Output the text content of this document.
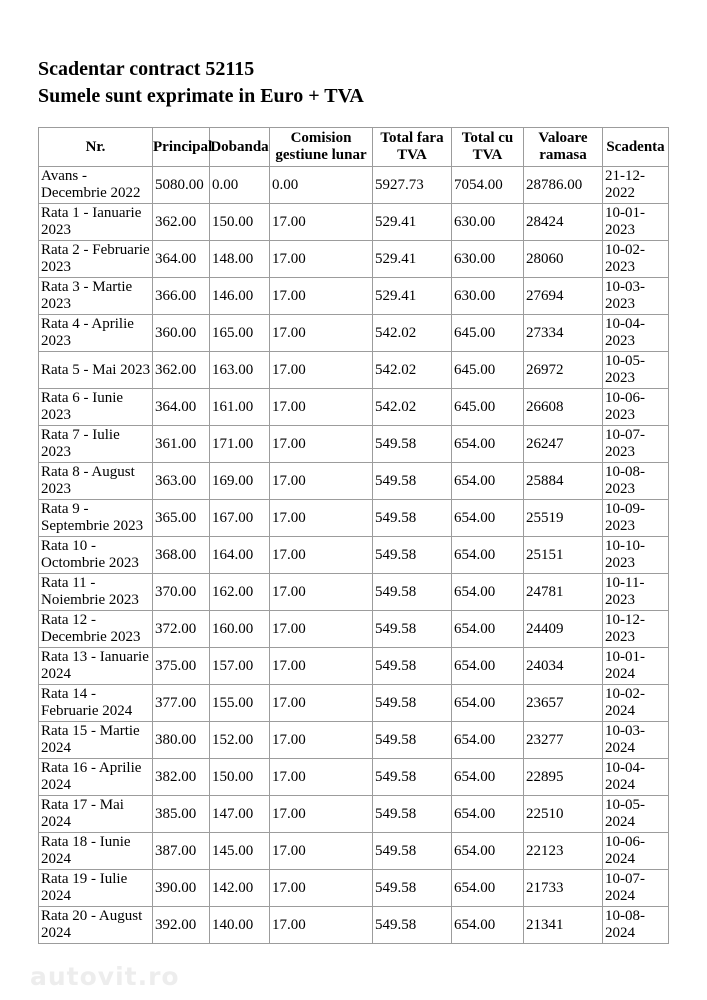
Scadentar contract 52115
Sumele sunt exprimate in Euro + TVA
Nr.	Principal	Dobanda	Comision gestiune lunar	Total fara TVA	Total cu TVA	Valoare ramasa	Scadenta
Avans - Decembrie 2022	5080.00	0.00	0.00	5927.73	7054.00	28786.00	21-12-2022
Rata 1 - Ianuarie 2023	362.00	150.00	17.00	529.41	630.00	28424	10-01-2023
Rata 2 - Februarie 2023	364.00	148.00	17.00	529.41	630.00	28060	10-02-2023
Rata 3 - Martie 2023	366.00	146.00	17.00	529.41	630.00	27694	10-03-2023
Rata 4 - Aprilie 2023	360.00	165.00	17.00	542.02	645.00	27334	10-04-2023
Rata 5 - Mai 2023	362.00	163.00	17.00	542.02	645.00	26972	10-05-2023
Rata 6 - Iunie 2023	364.00	161.00	17.00	542.02	645.00	26608	10-06-2023
Rata 7 - Iulie 2023	361.00	171.00	17.00	549.58	654.00	26247	10-07-2023
Rata 8 - August 2023	363.00	169.00	17.00	549.58	654.00	25884	10-08-2023
Rata 9 - Septembrie 2023	365.00	167.00	17.00	549.58	654.00	25519	10-09-2023
Rata 10 - Octombrie 2023	368.00	164.00	17.00	549.58	654.00	25151	10-10-2023
Rata 11 - Noiembrie 2023	370.00	162.00	17.00	549.58	654.00	24781	10-11-2023
Rata 12 - Decembrie 2023	372.00	160.00	17.00	549.58	654.00	24409	10-12-2023
Rata 13 - Ianuarie 2024	375.00	157.00	17.00	549.58	654.00	24034	10-01-2024
Rata 14 - Februarie 2024	377.00	155.00	17.00	549.58	654.00	23657	10-02-2024
Rata 15 - Martie 2024	380.00	152.00	17.00	549.58	654.00	23277	10-03-2024
Rata 16 - Aprilie 2024	382.00	150.00	17.00	549.58	654.00	22895	10-04-2024
Rata 17 - Mai 2024	385.00	147.00	17.00	549.58	654.00	22510	10-05-2024
Rata 18 - Iunie 2024	387.00	145.00	17.00	549.58	654.00	22123	10-06-2024
Rata 19 - Iulie 2024	390.00	142.00	17.00	549.58	654.00	21733	10-07-2024
Rata 20 - August 2024	392.00	140.00	17.00	549.58	654.00	21341	10-08-2024
autovit.ro
